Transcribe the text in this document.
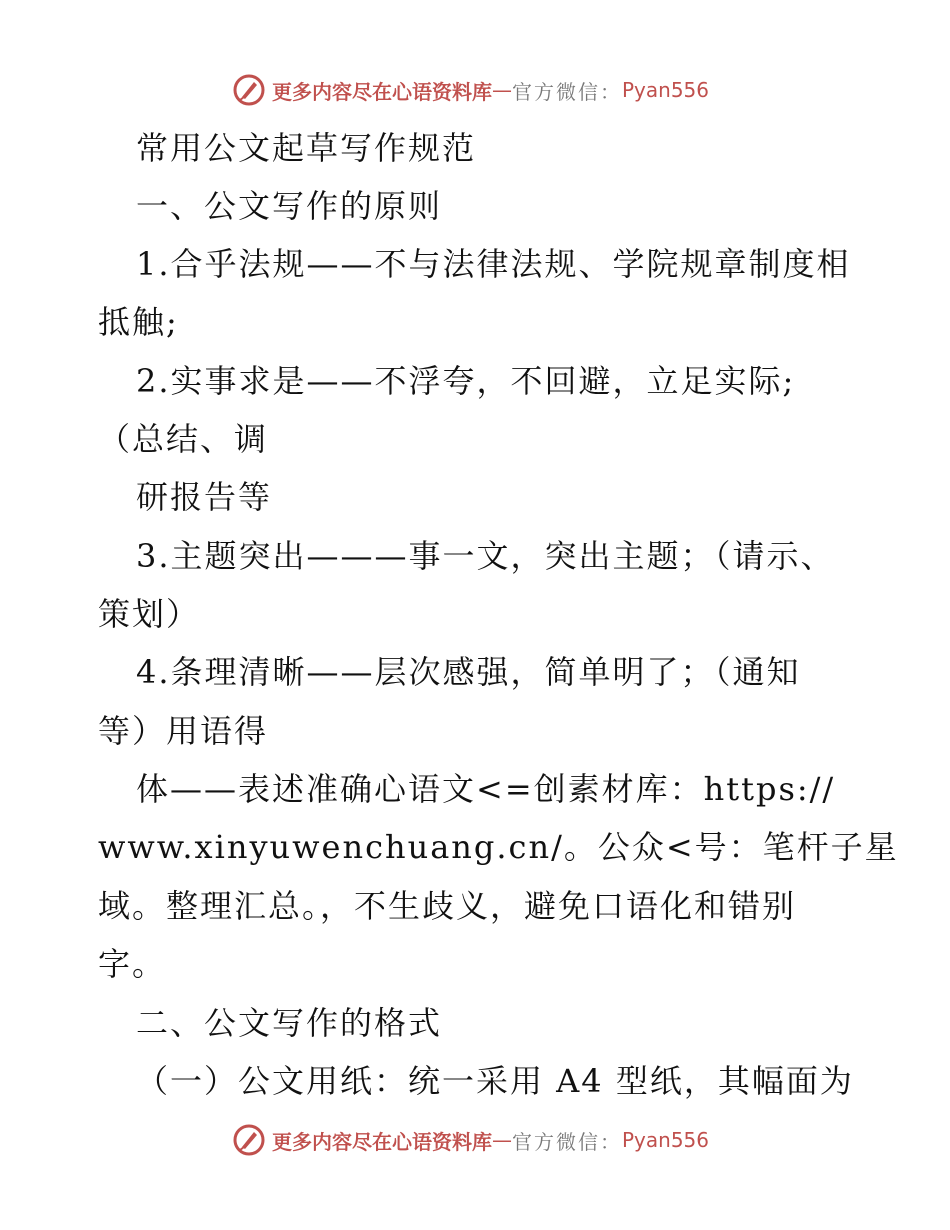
更多内容尽在心语资料库 — 官方微信： Pyan556
常用公文起草写作规范
一、公文写作的原则
1.合乎法规——不与法律法规、学院规章制度相
抵触;
2.实事求是——不浮夸，不回避，立足实际;
（总结、调
研报告等
3.主题突出———事一文，突出主题；（请示、
策划）
4.条理清晰——层次感强，简单明了；（通知
等）用语得
体——表述准确心语文<=创素材库：https://
www.xinyuwenchuang.cn/。公众<号：笔杆子星
域。整理汇总。，不生歧义，避免口语化和错别
字。
二、公文写作的格式
（一）公文用纸：统一采用 A4 型纸，其幅面为
更多内容尽在心语资料库 — 官方微信： Pyan556
